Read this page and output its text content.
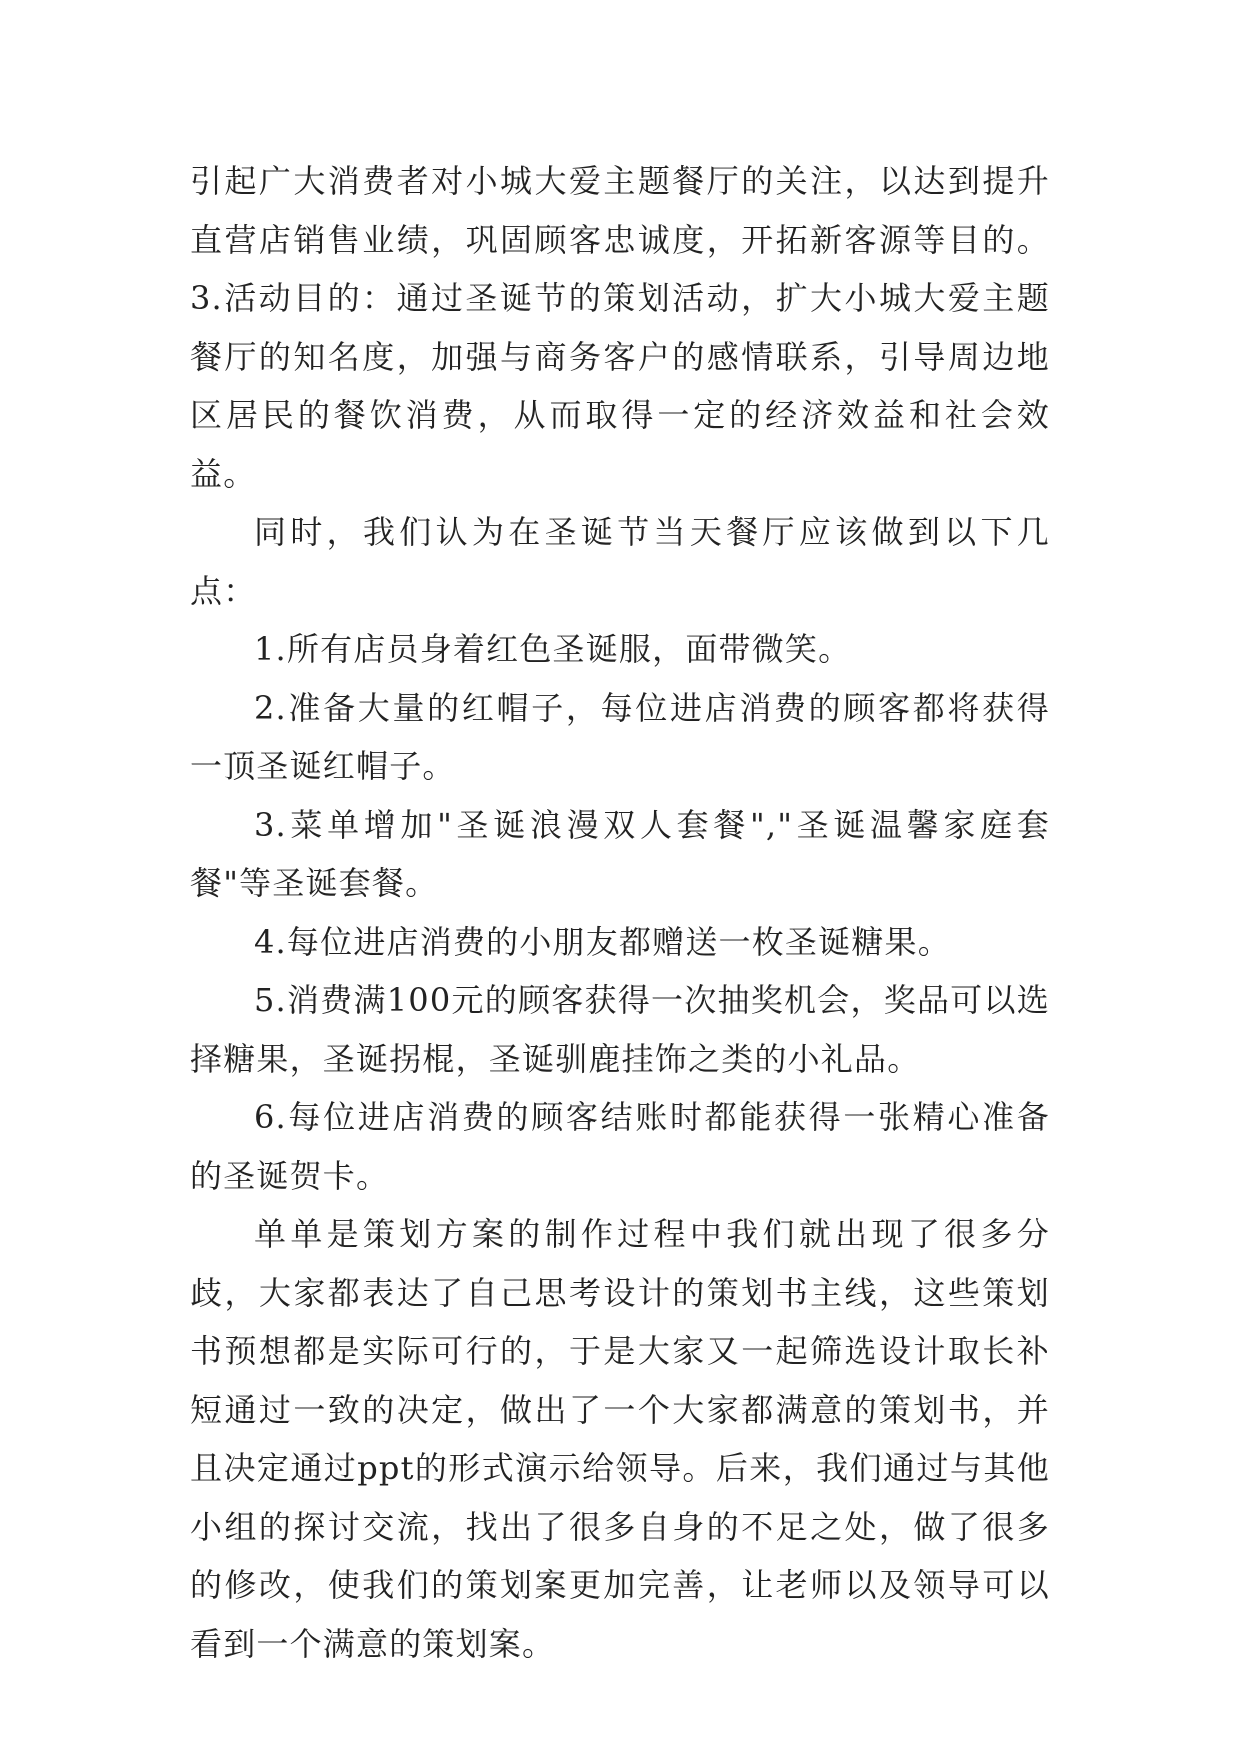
引起广大消费者对小城大爱主题餐厅的关注，以达到提升直营店销售业绩，巩固顾客忠诚度，开拓新客源等目的。3.活动目的：通过圣诞节的策划活动，扩大小城大爱主题餐厅的知名度，加强与商务客户的感情联系，引导周边地区居民的餐饮消费，从而取得一定的经济效益和社会效益。

同时，我们认为在圣诞节当天餐厅应该做到以下几点：

1.所有店员身着红色圣诞服，面带微笑。

2.准备大量的红帽子，每位进店消费的顾客都将获得一顶圣诞红帽子。

3.菜单增加"圣诞浪漫双人套餐","圣诞温馨家庭套餐"等圣诞套餐。

4.每位进店消费的小朋友都赠送一枚圣诞糖果。

5.消费满100元的顾客获得一次抽奖机会，奖品可以选择糖果，圣诞拐棍，圣诞驯鹿挂饰之类的小礼品。

6.每位进店消费的顾客结账时都能获得一张精心准备的圣诞贺卡。

单单是策划方案的制作过程中我们就出现了很多分歧，大家都表达了自己思考设计的策划书主线，这些策划书预想都是实际可行的，于是大家又一起筛选设计取长补短通过一致的决定，做出了一个大家都满意的策划书，并且决定通过ppt的形式演示给领导。后来，我们通过与其他小组的探讨交流，找出了很多自身的不足之处，做了很多的修改，使我们的策划案更加完善，让老师以及领导可以看到一个满意的策划案。
